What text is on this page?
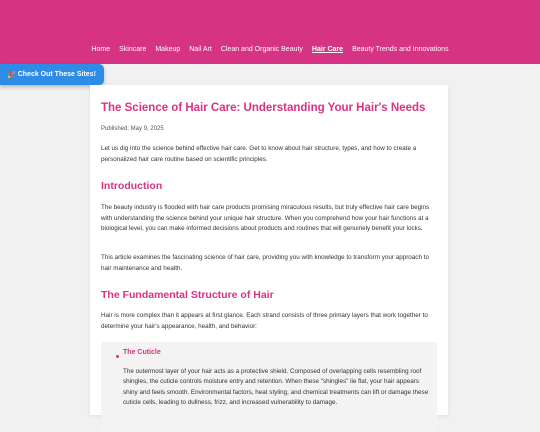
Home Skincare Makeup Nail Art Clean and Organic Beauty Hair Care Beauty Trends and Innovations
🎉 Check Out These Sites!
The Science of Hair Care: Understanding Your Hair's Needs
Published: May 9, 2025

Let us dig into the science behind effective hair care. Get to know about hair structure, types, and how to create a personalized hair care routine based on scientific principles.

Introduction

The beauty industry is flooded with hair care products promising miraculous results, but truly effective hair care begins with understanding the science behind your unique hair structure. When you comprehend how your hair functions at a biological level, you can make informed decisions about products and routines that will genuinely benefit your locks.

This article examines the fascinating science of hair care, providing you with knowledge to transform your approach to hair maintenance and health.

The Fundamental Structure of Hair

Hair is more complex than it appears at first glance. Each strand consists of three primary layers that work together to determine your hair's appearance, health, and behavior:

The Cuticle

The outermost layer of your hair acts as a protective shield. Composed of overlapping cells resembling roof shingles, the cuticle controls moisture entry and retention. When these "shingles" lie flat, your hair appears shiny and feels smooth. Environmental factors, heat styling, and chemical treatments can lift or damage these cuticle cells, leading to dullness, frizz, and increased vulnerability to damage.
